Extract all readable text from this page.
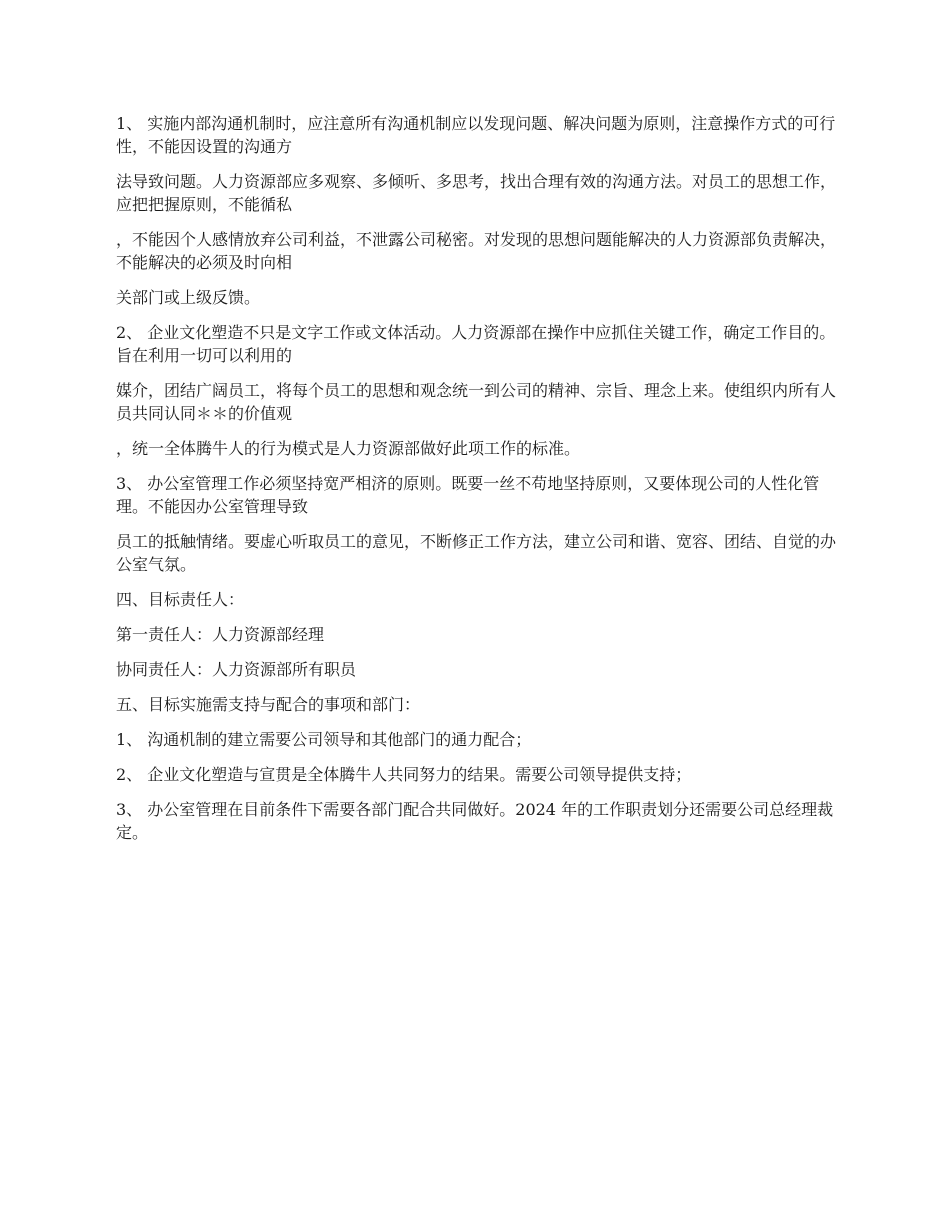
1、 实施内部沟通机制时，应注意所有沟通机制应以发现问题、解决问题为原则，注意操作方式的可行性，不能因设置的沟通方

法导致问题。人力资源部应多观察、多倾听、多思考，找出合理有效的沟通方法。对员工的思想工作，应把把握原则，不能循私

，不能因个人感情放弃公司利益，不泄露公司秘密。对发现的思想问题能解决的人力资源部负责解决，不能解决的必须及时向相

关部门或上级反馈。

2、 企业文化塑造不只是文字工作或文体活动。人力资源部在操作中应抓住关键工作，确定工作目的。旨在利用一切可以利用的

媒介，团结广阔员工，将每个员工的思想和观念统一到公司的精神、宗旨、理念上来。使组织内所有人员共同认同＊＊的价值观

，统一全体腾牛人的行为模式是人力资源部做好此项工作的标准。

3、 办公室管理工作必须坚持宽严相济的原则。既要一丝不苟地坚持原则，又要体现公司的人性化管理。不能因办公室管理导致

员工的抵触情绪。要虚心听取员工的意见，不断修正工作方法，建立公司和谐、宽容、团结、自觉的办公室气氛。

四、目标责任人：

第一责任人：人力资源部经理

协同责任人：人力资源部所有职员

五、目标实施需支持与配合的事项和部门：

1、 沟通机制的建立需要公司领导和其他部门的通力配合；

2、 企业文化塑造与宣贯是全体腾牛人共同努力的结果。需要公司领导提供支持；

3、 办公室管理在目前条件下需要各部门配合共同做好。2024 年的工作职责划分还需要公司总经理裁定。
